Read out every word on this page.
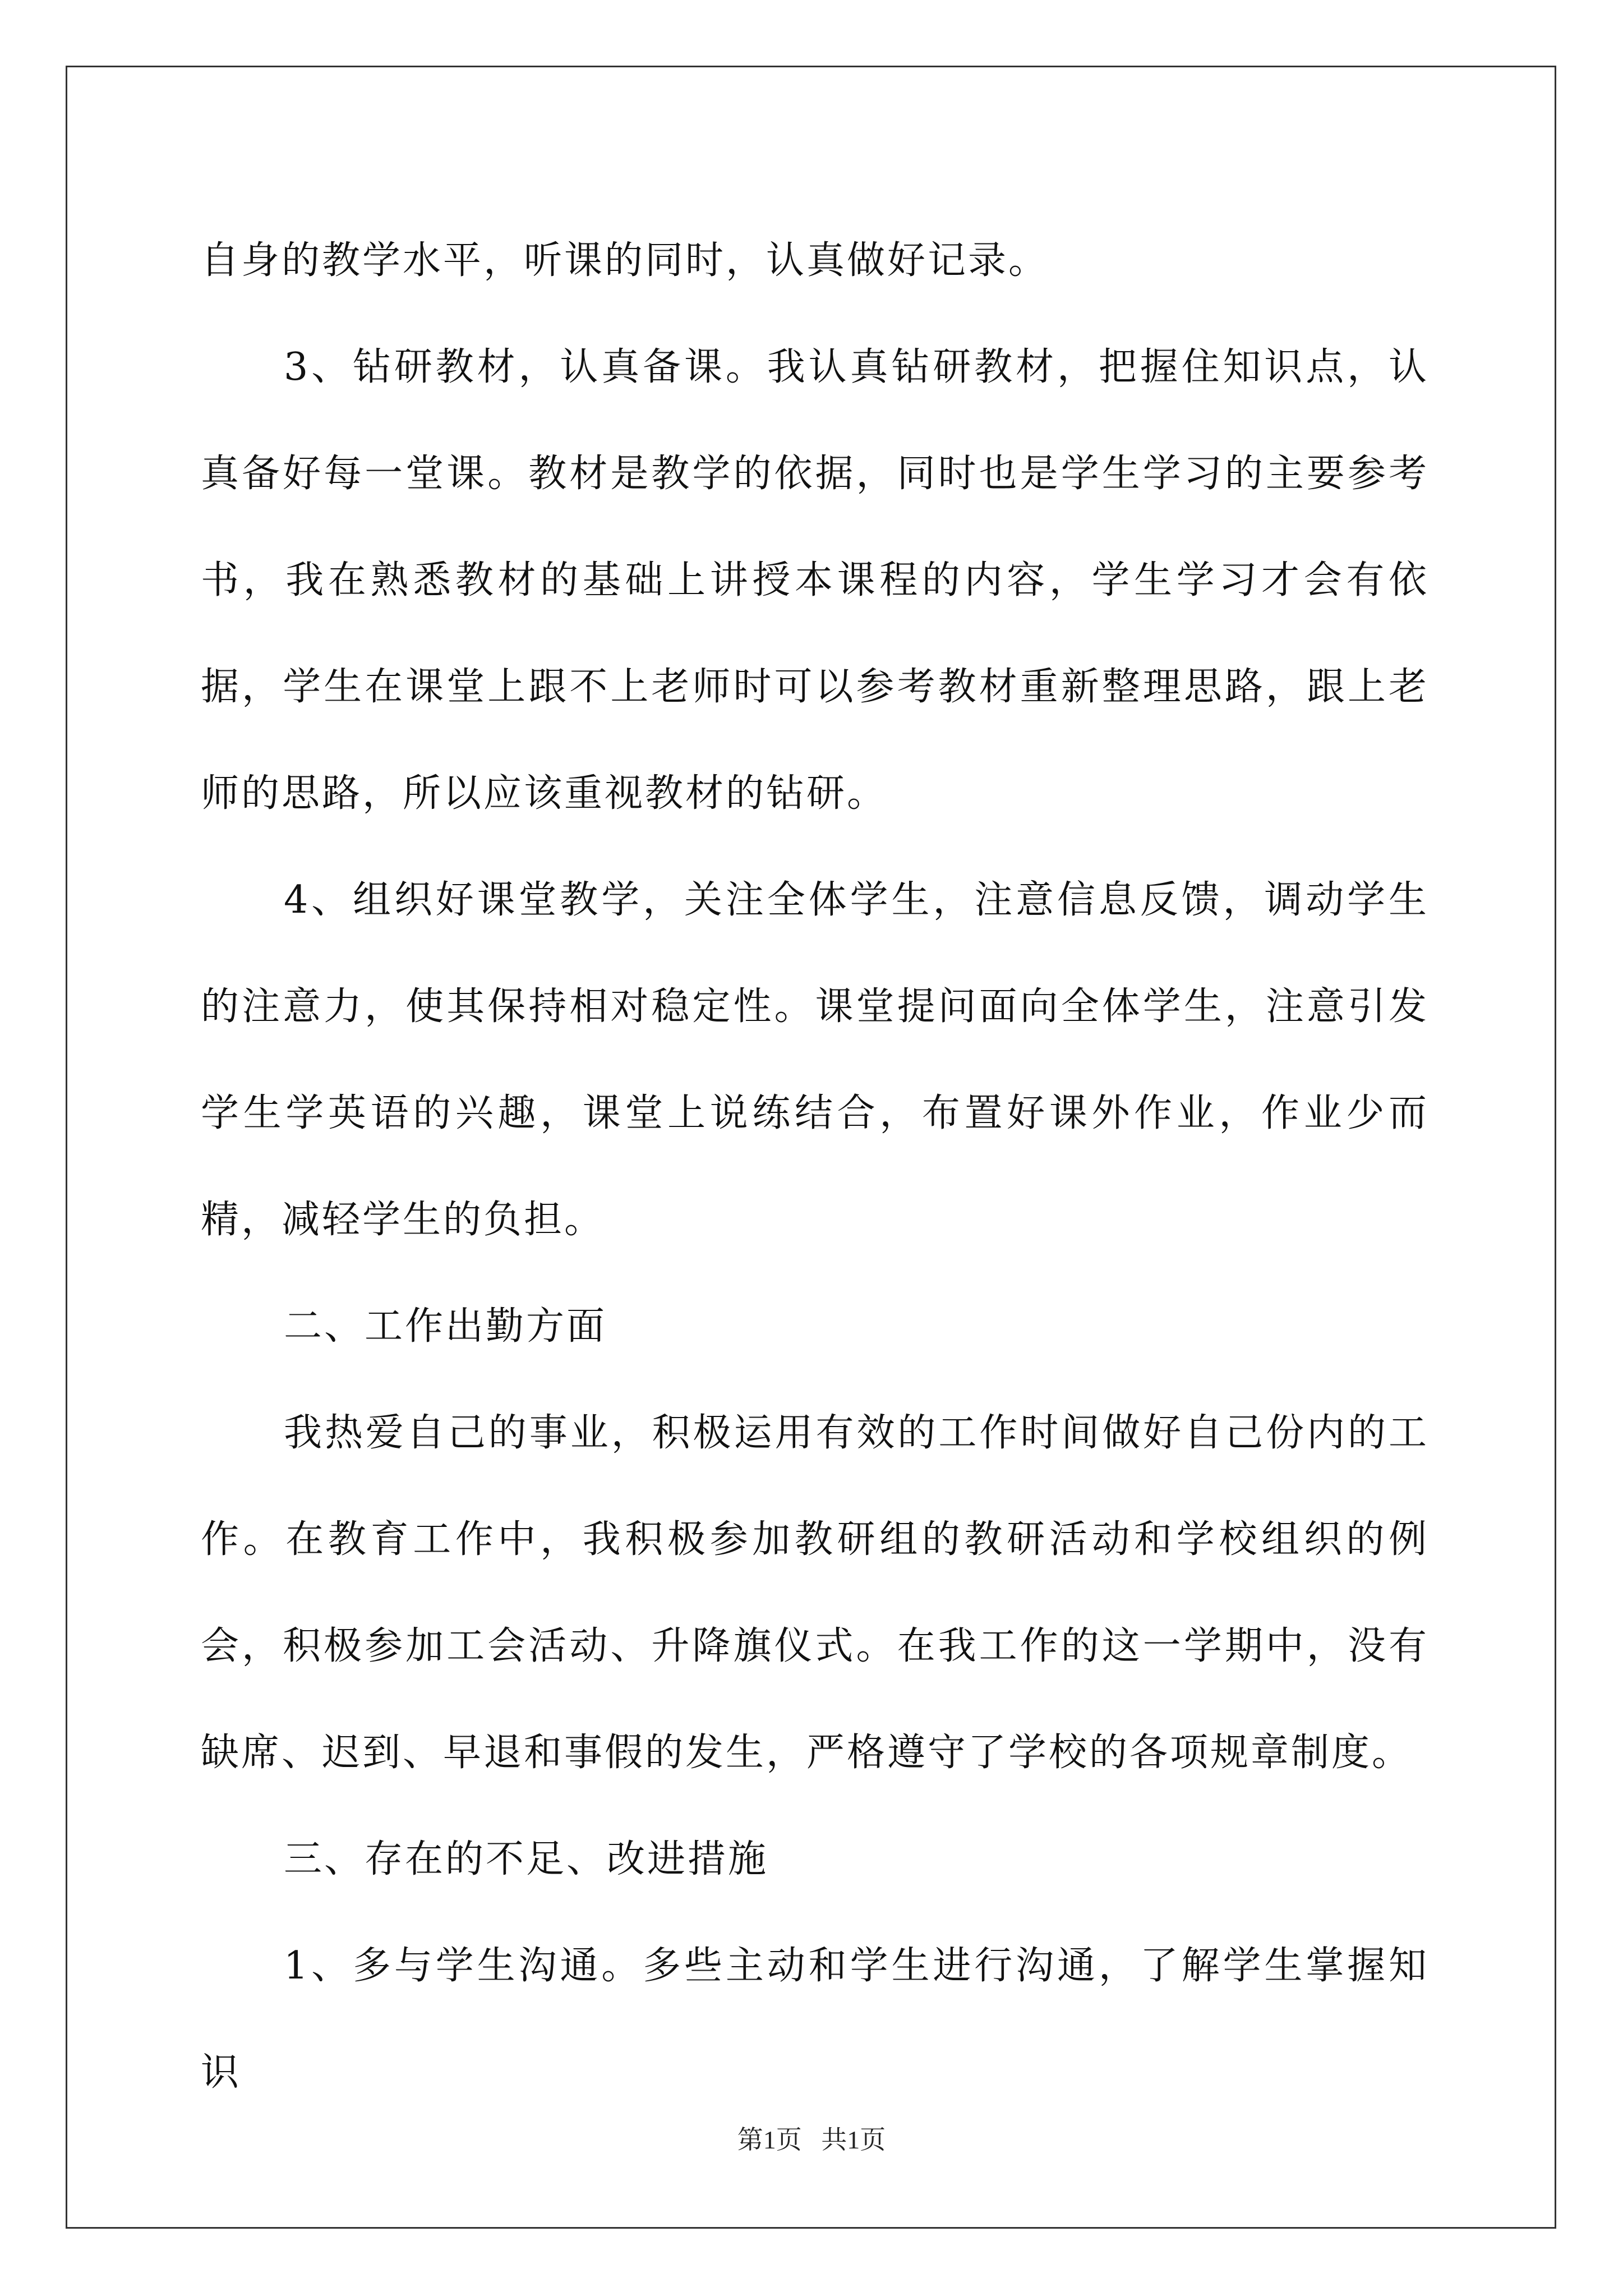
自身的教学水平，听课的同时，认真做好记录。

3、钻研教材，认真备课。我认真钻研教材，把握住知识点，认真备好每一堂课。教材是教学的依据，同时也是学生学习的主要参考书，我在熟悉教材的基础上讲授本课程的内容，学生学习才会有依据，学生在课堂上跟不上老师时可以参考教材重新整理思路，跟上老师的思路，所以应该重视教材的钻研。

4、组织好课堂教学，关注全体学生，注意信息反馈，调动学生的注意力，使其保持相对稳定性。课堂提问面向全体学生，注意引发学生学英语的兴趣，课堂上说练结合，布置好课外作业，作业少而精，减轻学生的负担。

二、工作出勤方面

我热爱自己的事业，积极运用有效的工作时间做好自己份内的工作。在教育工作中，我积极参加教研组的教研活动和学校组织的例会，积极参加工会活动、升降旗仪式。在我工作的这一学期中，没有缺席、迟到、早退和事假的发生，严格遵守了学校的各项规章制度。

三、存在的不足、改进措施

1、多与学生沟通。多些主动和学生进行沟通，了解学生掌握知识

第1页   共1页
